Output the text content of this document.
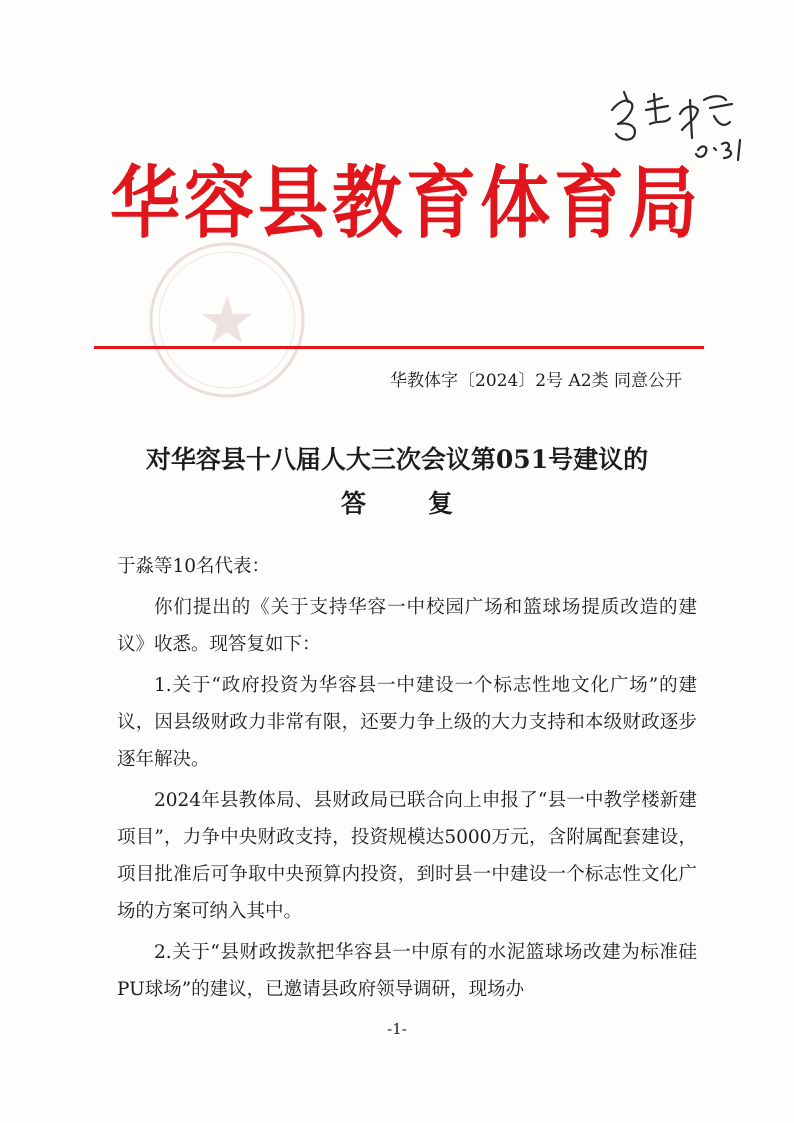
华容县教育体育局
华教体字〔2024〕2号 A2类 同意公开
对华容县十八届人大三次会议第051号建议的
答复

于淼等10名代表：

你们提出的《关于支持华容一中校园广场和篮球场提质改造的建议》收悉。现答复如下：

1.关于“政府投资为华容县一中建设一个标志性地文化广场”的建议，因县级财政力非常有限，还要力争上级的大力支持和本级财政逐步逐年解决。

2024年县教体局、县财政局已联合向上申报了“县一中教学楼新建项目”，力争中央财政支持，投资规模达5000万元，含附属配套建设，项目批准后可争取中央预算内投资，到时县一中建设一个标志性文化广场的方案可纳入其中。

2.关于“县财政拨款把华容县一中原有的水泥篮球场改建为标准硅PU球场”的建议，已邀请县政府领导调研，现场办

-1-
